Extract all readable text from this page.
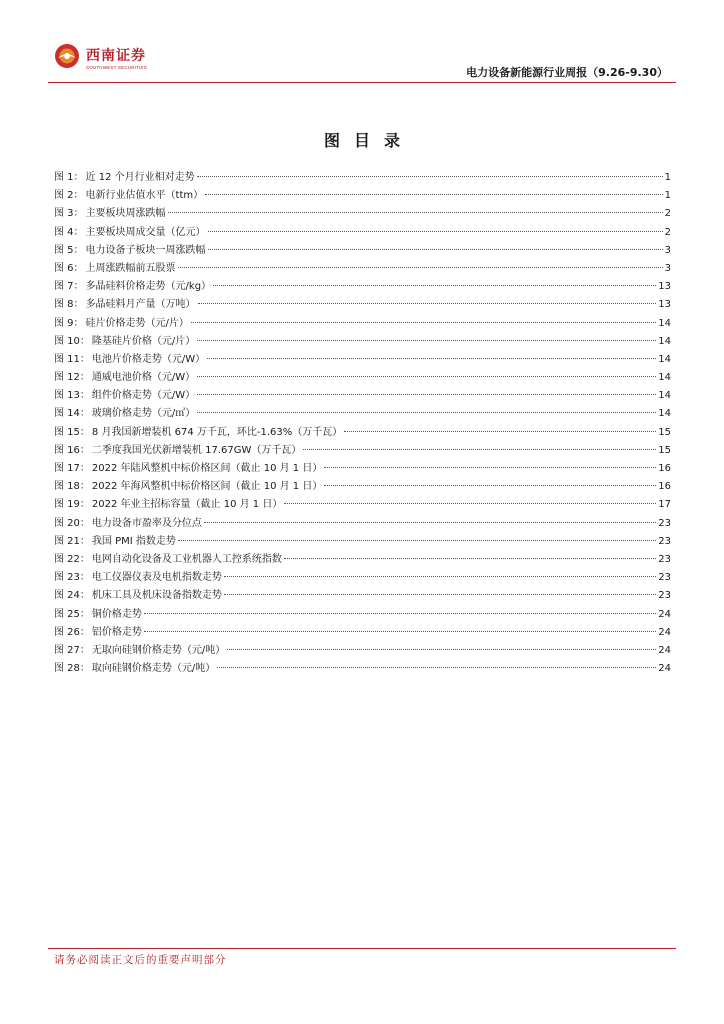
西南证券
SOUTHWEST SECURITIES	电力设备新能源行业周报（9.26-9.30）
图目录
图 1： 近 12 个月行业相对走势	1
图 2： 电新行业估值水平（ttm）	1
图 3： 主要板块周涨跌幅	2
图 4： 主要板块周成交量（亿元）	2
图 5： 电力设备子板块一周涨跌幅	3
图 6： 上周涨跌幅前五股票	3
图 7： 多晶硅料价格走势（元/kg）	13
图 8： 多晶硅料月产量（万吨）	13
图 9： 硅片价格走势（元/片）	14
图 10： 隆基硅片价格（元/片）	14
图 11： 电池片价格走势（元/W）	14
图 12： 通威电池价格（元/W）	14
图 13： 组件价格走势（元/W）	14
图 14： 玻璃价格走势（元/㎡）	14
图 15： 8 月我国新增装机 674 万千瓦，环比-1.63%（万千瓦）	15
图 16： 二季度我国光伏新增装机 17.67GW（万千瓦）	15
图 17： 2022 年陆风整机中标价格区间（截止 10 月 1 日）	16
图 18： 2022 年海风整机中标价格区间（截止 10 月 1 日）	16
图 19： 2022 年业主招标容量（截止 10 月 1 日）	17
图 20： 电力设备市盈率及分位点	23
图 21： 我国 PMI 指数走势	23
图 22： 电网自动化设备及工业机器人工控系统指数	23
图 23： 电工仪器仪表及电机指数走势	23
图 24： 机床工具及机床设备指数走势	23
图 25： 铜价格走势	24
图 26： 铝价格走势	24
图 27： 无取向硅钢价格走势（元/吨）	24
图 28： 取向硅钢价格走势（元/吨）	24
请务必阅读正文后的重要声明部分
